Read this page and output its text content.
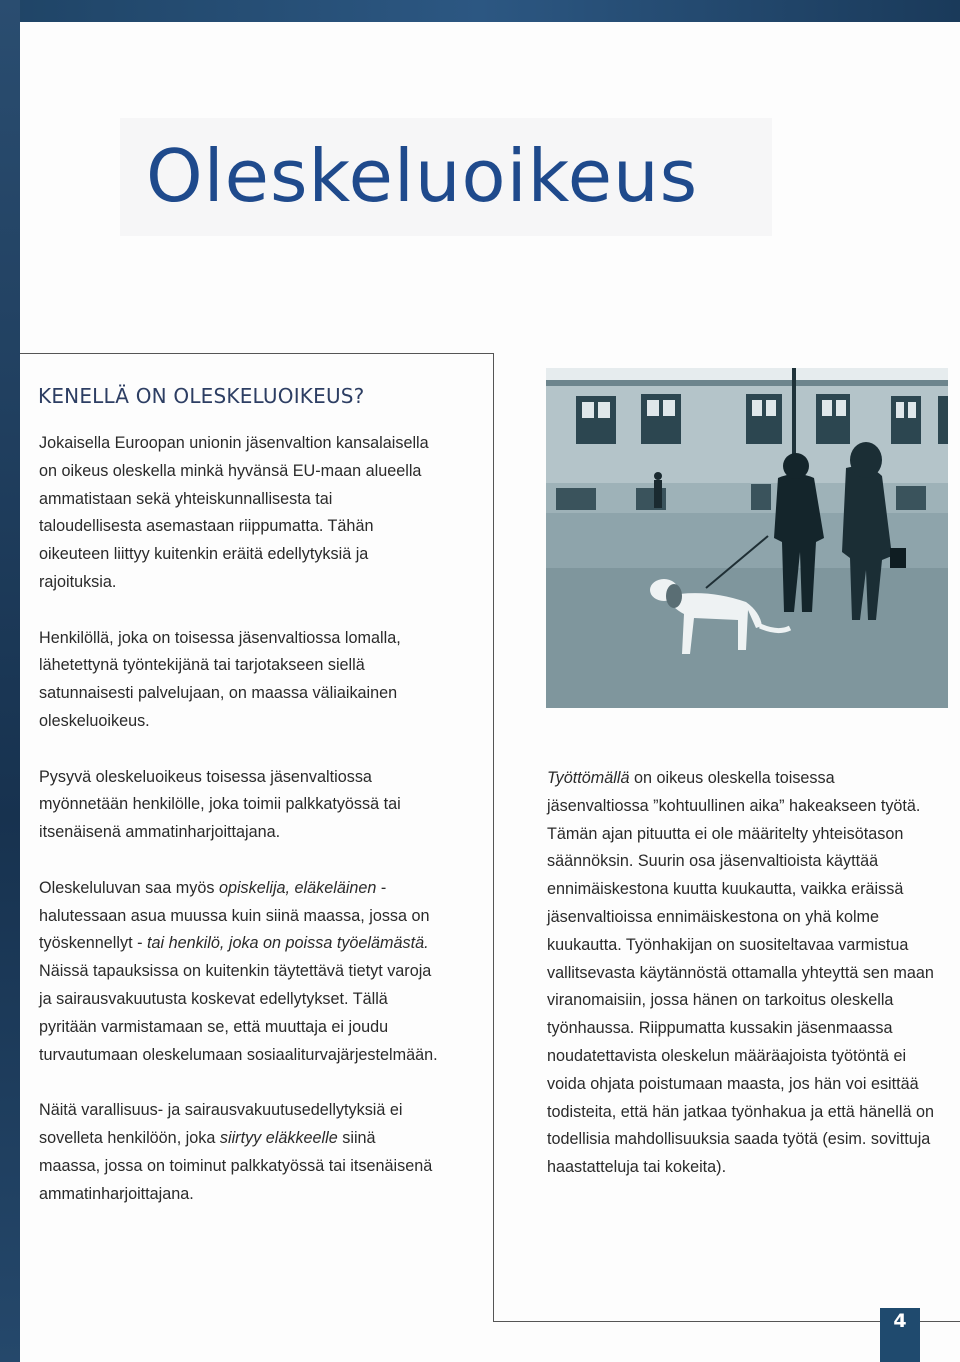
Oleskeluoikeus
KENELLÄ ON OLESKELUOIKEUS?

Jokaisella Euroopan unionin jäsenvaltion kansalaisella on oikeus oleskella minkä hyvänsä EU-maan alueella ammatistaan sekä yhteiskunnallisesta tai taloudellisesta asemastaan riippumatta. Tähän oikeuteen liittyy kuitenkin eräitä edellytyksiä ja rajoituksia.

Henkilöllä, joka on toisessa jäsenvaltiossa lomalla, lähetettynä työntekijänä tai tarjotakseen siellä satunnaisesti palvelujaan, on maassa väliaikainen oleskeluoikeus.

Pysyvä oleskeluoikeus toisessa jäsenvaltiossa myönnetään henkilölle, joka toimii palkkatyössä tai itsenäisenä ammatinharjoittajana.

Oleskeluluvan saa myös opiskelija, eläkeläinen -halutessaan asua muussa kuin siinä maassa, jossa on työskennellyt - tai henkilö, joka on poissa työelämästä. Näissä tapauksissa on kuitenkin täytettävä tietyt varoja ja sairausvakuutusta koskevat edellytykset. Tällä pyritään varmistamaan se, että muuttaja ei joudu turvautumaan oleskelumaan sosiaaliturvajärjestelmään.

Näitä varallisuus- ja sairausvakuutusedellytyksiä ei sovelleta henkilöön, joka siirtyy eläkkeelle siinä maassa, jossa on toiminut palkkatyössä tai itsenäisenä ammatinharjoittajana.

Työttömällä on oikeus oleskella toisessa jäsenvaltiossa ”kohtuullinen aika” hakeakseen työtä. Tämän ajan pituutta ei ole määritelty yhteisötason säännöksin. Suurin osa jäsenvaltioista käyttää ennimäiskestona kuutta kuukautta, vaikka eräissä jäsenvaltioissa ennimäiskestona on yhä kolme kuukautta. Työnhakijan on suositeltavaa varmistua vallitsevasta käytännöstä ottamalla yhteyttä sen maan viranomaisiin, jossa hänen on tarkoitus oleskella työnhaussa. Riippumatta kussakin jäsenmaassa noudatettavista oleskelun määräajoista työtöntä ei voida ohjata poistumaan maasta, jos hän voi esittää todisteita, että hän jatkaa työnhakua ja että hänellä on todellisia mahdollisuuksia saada työtä (esim. sovittuja haastatteluja tai kokeita).

4
